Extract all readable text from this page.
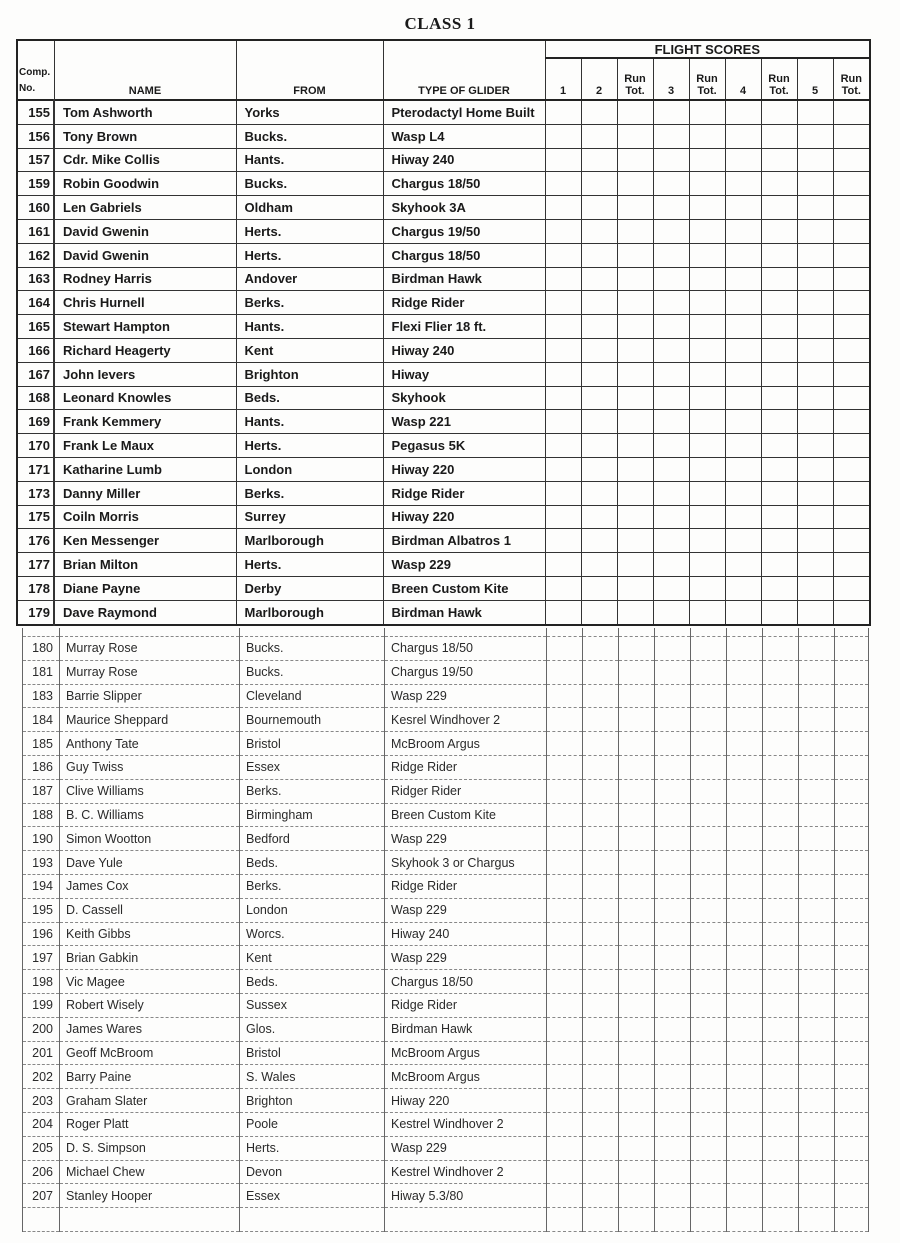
CLASS 1
Comp.
No.	NAME	FROM	TYPE OF GLIDER	FLIGHT SCORES								
				1	2	Run Tot.	3	Run Tot.	4	Run Tot.	5	Run Tot.
155	Tom Ashworth	Yorks	Pterodactyl Home Built									
156	Tony Brown	Bucks.	Wasp L4									
157	Cdr. Mike Collis	Hants.	Hiway 240									
159	Robin Goodwin	Bucks.	Chargus 18/50									
160	Len Gabriels	Oldham	Skyhook 3A									
161	David Gwenin	Herts.	Chargus 19/50									
162	David Gwenin	Herts.	Chargus 18/50									
163	Rodney Harris	Andover	Birdman Hawk									
164	Chris Hurnell	Berks.	Ridge Rider									
165	Stewart Hampton	Hants.	Flexi Flier 18 ft.									
166	Richard Heagerty	Kent	Hiway 240									
167	John Ievers	Brighton	Hiway									
168	Leonard Knowles	Beds.	Skyhook									
169	Frank Kemmery	Hants.	Wasp 221									
170	Frank Le Maux	Herts.	Pegasus 5K									
171	Katharine Lumb	London	Hiway 220									
173	Danny Miller	Berks.	Ridge Rider									
175	Coiln Morris	Surrey	Hiway 220									
176	Ken Messenger	Marlborough	Birdman Albatros 1									
177	Brian Milton	Herts.	Wasp 229									
178	Diane Payne	Derby	Breen Custom Kite									
179	Dave Raymond	Marlborough	Birdman Hawk									

180	Murray Rose	Bucks.	Chargus 18/50									
181	Murray Rose	Bucks.	Chargus 19/50									
183	Barrie Slipper	Cleveland	Wasp 229									
184	Maurice Sheppard	Bournemouth	Kesrel Windhover 2									
185	Anthony Tate	Bristol	McBroom Argus									
186	Guy Twiss	Essex	Ridge Rider									
187	Clive Williams	Berks.	Ridger Rider									
188	B. C. Williams	Birmingham	Breen Custom Kite									
190	Simon Wootton	Bedford	Wasp 229									
193	Dave Yule	Beds.	Skyhook 3 or Chargus									
194	James Cox	Berks.	Ridge Rider									
195	D. Cassell	London	Wasp 229									
196	Keith Gibbs	Worcs.	Hiway 240									
197	Brian Gabkin	Kent	Wasp 229									
198	Vic Magee	Beds.	Chargus 18/50									
199	Robert Wisely	Sussex	Ridge Rider									
200	James Wares	Glos.	Birdman Hawk									
201	Geoff McBroom	Bristol	McBroom Argus									
202	Barry Paine	S. Wales	McBroom Argus									
203	Graham Slater	Brighton	Hiway 220									
204	Roger Platt	Poole	Kestrel Windhover 2									
205	D. S. Simpson	Herts.	Wasp 229									
206	Michael Chew	Devon	Kestrel Windhover 2									
207	Stanley Hooper	Essex	Hiway 5.3/80									
